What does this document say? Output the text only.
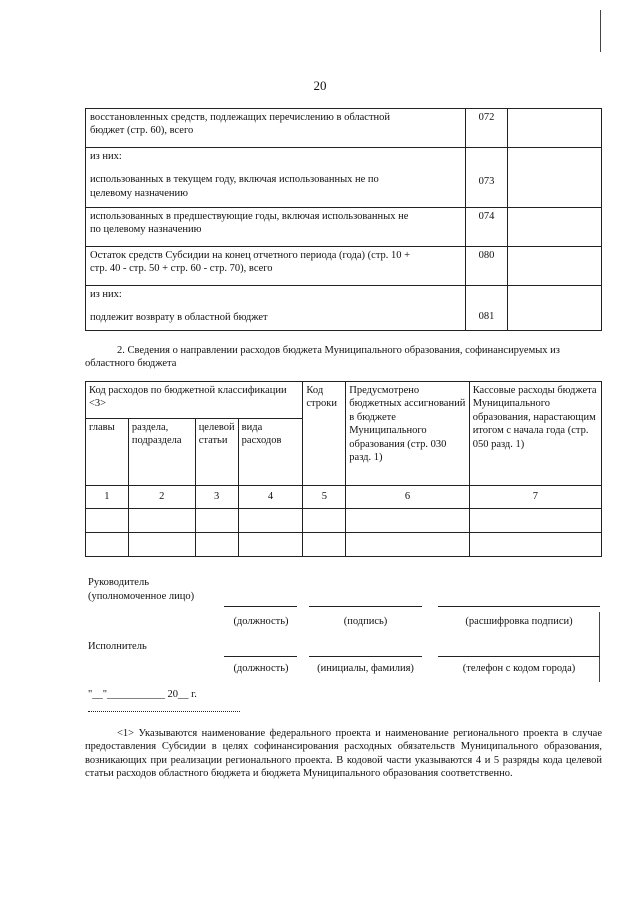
20
восстановленных средств, подлежащих перечислению в областной
бюджет (стр. 60), всего	072	

из них:
использованных в текущем году, включая использованных не по
целевому назначению	073	

использованных в предшествующие годы, включая использованных не
по целевому назначению	074	

Остаток средств Субсидии на конец отчетного периода (года) (стр. 10 +
стр. 40 - стр. 50 + стр. 60 - стр. 70), всего	080	

из них:
подлежит возврату в областной бюджет	081	
2. Сведения о направлении расходов бюджета Муниципального образования, софинансируемых из областного бюджета
Код расходов по бюджетной классификации <3>				Код строки	Предусмотрено бюджетных ассигнований в бюджете Муниципального образования (стр. 030 разд. 1)	Кассовые расходы бюджета Муниципального образования, нарастающим итогом с начала года (стр. 050 разд. 1)
главы	раздела, подраздела	целевой статьи	вида расходов			
1	2	3	4	5	6	7

Руководитель
(уполномоченное лицо)
(должность)	(подпись)	(расшифровка подписи)
Исполнитель
(должность)	(инициалы, фамилия)	(телефон с кодом города)
"__"___________ 20__ г.
<1> Указываются наименование федерального проекта и наименование регионального проекта в случае предоставления Субсидии в целях софинансирования расходных обязательств Муниципального образования, возникающих при реализации регионального проекта. В кодовой части указываются 4 и 5 разряды кода целевой статьи расходов областного бюджета и бюджета Муниципального образования соответственно.
